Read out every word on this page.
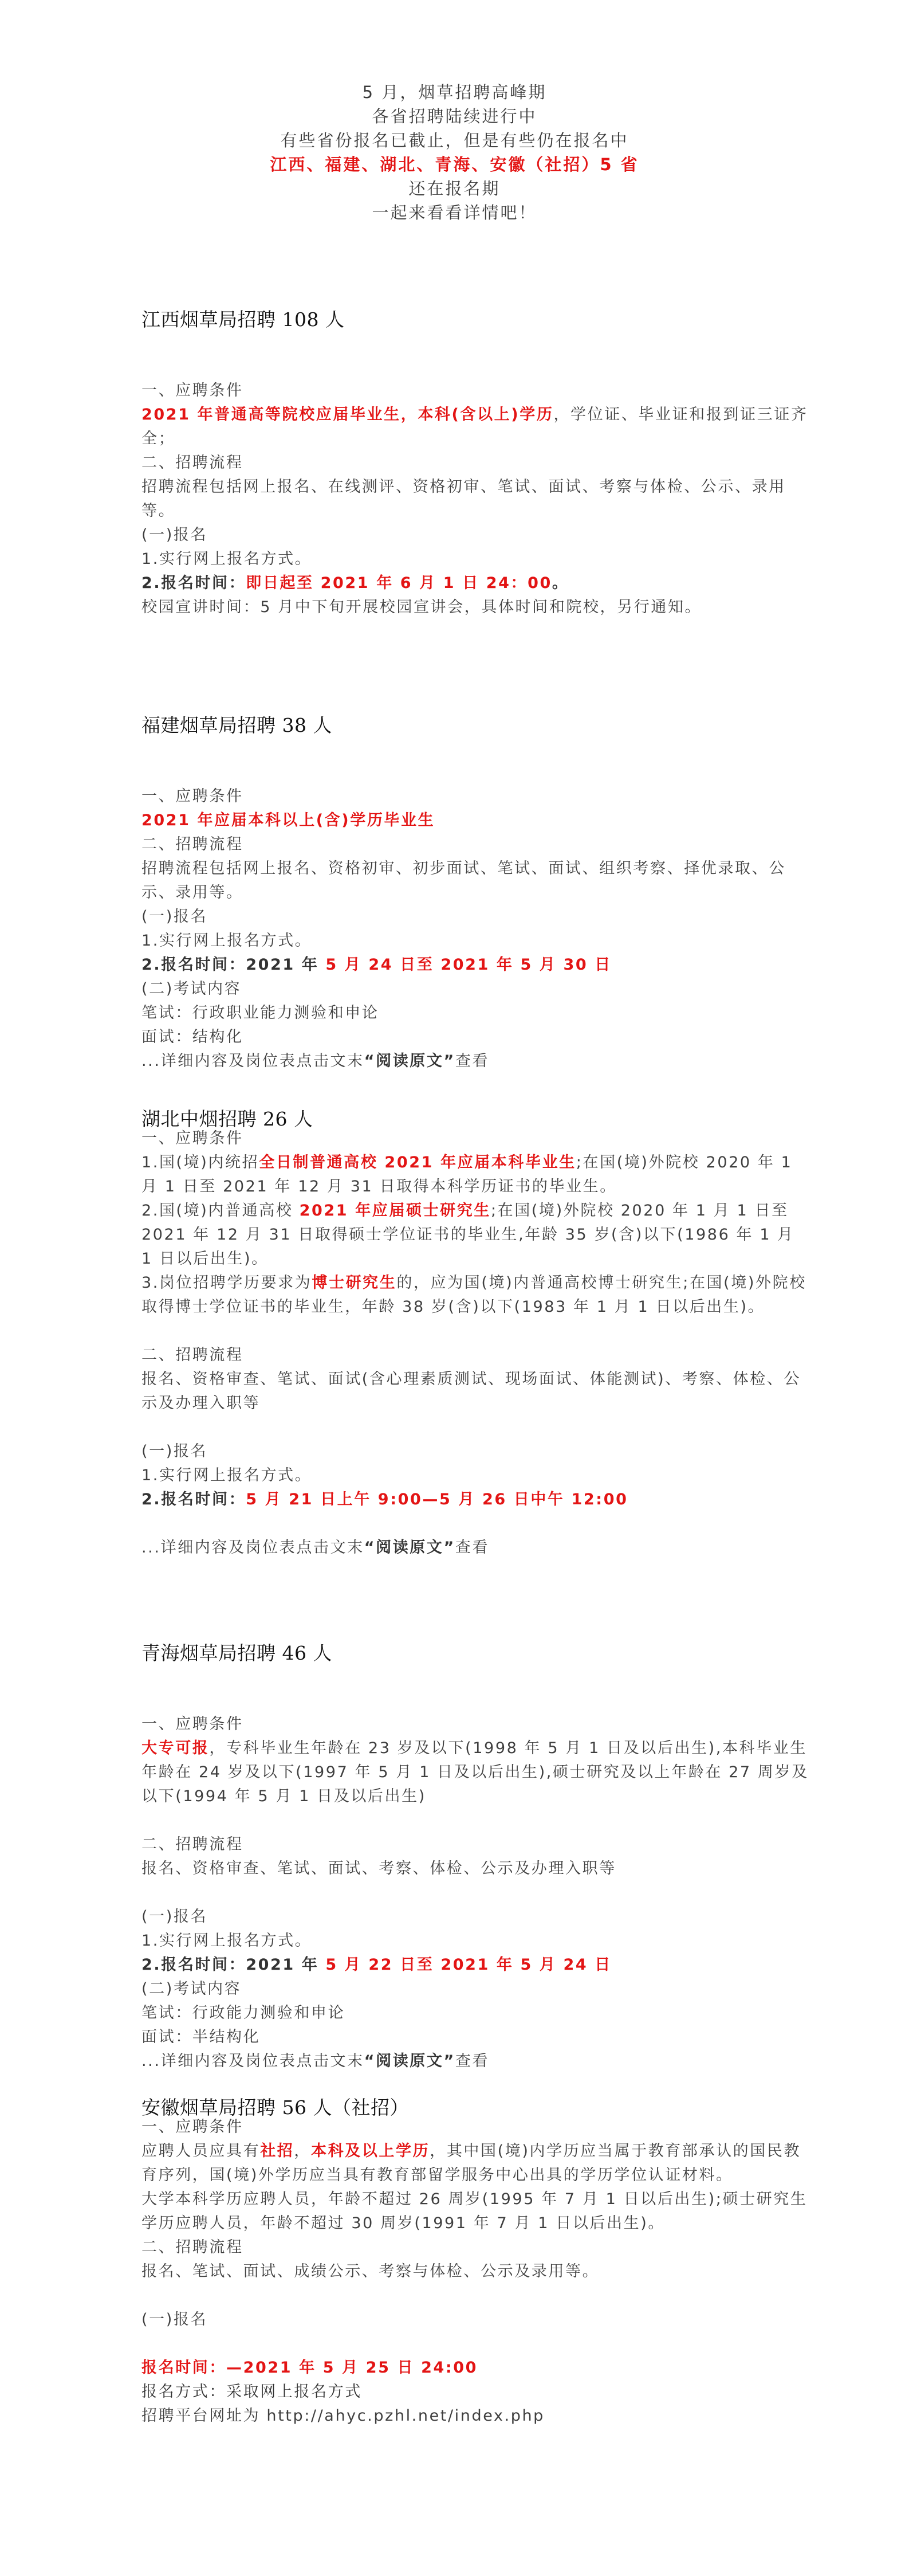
5 月，烟草招聘高峰期
各省招聘陆续进行中
有些省份报名已截止，但是有些仍在报名中
江西、福建、湖北、青海、安徽（社招）5 省
还在报名期
一起来看看详情吧！
江西烟草局招聘 108 人

一、应聘条件

2021 年普通高等院校应届毕业生，本科(含以上)学历，学位证、毕业证和报到证三证齐全；

二、招聘流程

招聘流程包括网上报名、在线测评、资格初审、笔试、面试、考察与体检、公示、录用等。

(一)报名

1.实行网上报名方式。

2.报名时间：即日起至 2021 年 6 月 1 日 24：00。

校园宣讲时间：5 月中下旬开展校园宣讲会，具体时间和院校，另行通知。

福建烟草局招聘 38 人

一、应聘条件

2021 年应届本科以上(含)学历毕业生

二、招聘流程

招聘流程包括网上报名、资格初审、初步面试、笔试、面试、组织考察、择优录取、公示、录用等。

(一)报名

1.实行网上报名方式。

2.报名时间：2021 年 5 月 24 日至 2021 年 5 月 30 日

(二)考试内容

笔试：行政职业能力测验和申论

面试：结构化

...详细内容及岗位表点击文末“阅读原文”查看

湖北中烟招聘 26 人

一、应聘条件

1.国(境)内统招全日制普通高校 2021 年应届本科毕业生;在国(境)外院校 2020 年 1 月 1 日至 2021 年 12 月 31 日取得本科学历证书的毕业生。

2.国(境)内普通高校 2021 年应届硕士研究生;在国(境)外院校 2020 年 1 月 1 日至 2021 年 12 月 31 日取得硕士学位证书的毕业生,年龄 35 岁(含)以下(1986 年 1 月 1 日以后出生)。

3.岗位招聘学历要求为博士研究生的，应为国(境)内普通高校博士研究生;在国(境)外院校取得博士学位证书的毕业生，年龄 38 岁(含)以下(1983 年 1 月 1 日以后出生)。

二、招聘流程

报名、资格审查、笔试、面试(含心理素质测试、现场面试、体能测试)、考察、体检、公示及办理入职等

(一)报名

1.实行网上报名方式。

2.报名时间：5 月 21 日上午 9:00—5 月 26 日中午 12:00

...详细内容及岗位表点击文末“阅读原文”查看

青海烟草局招聘 46 人

一、应聘条件

大专可报，专科毕业生年龄在 23 岁及以下(1998 年 5 月 1 日及以后出生),本科毕业生年龄在 24 岁及以下(1997 年 5 月 1 日及以后出生),硕士研究及以上年龄在 27 周岁及以下(1994 年 5 月 1 日及以后出生)

二、招聘流程

报名、资格审查、笔试、面试、考察、体检、公示及办理入职等

(一)报名

1.实行网上报名方式。

2.报名时间：2021 年 5 月 22 日至 2021 年 5 月 24 日

(二)考试内容

笔试：行政能力测验和申论

面试：半结构化

...详细内容及岗位表点击文末“阅读原文”查看

安徽烟草局招聘 56 人（社招）

一、应聘条件

应聘人员应具有社招，本科及以上学历，其中国(境)内学历应当属于教育部承认的国民教育序列，国(境)外学历应当具有教育部留学服务中心出具的学历学位认证材料。

大学本科学历应聘人员，年龄不超过 26 周岁(1995 年 7 月 1 日以后出生);硕士研究生学历应聘人员，年龄不超过 30 周岁(1991 年 7 月 1 日以后出生)。

二、招聘流程

报名、笔试、面试、成绩公示、考察与体检、公示及录用等。

(一)报名

报名时间：—2021 年 5 月 25 日 24:00

报名方式：采取网上报名方式

招聘平台网址为 http://ahyc.pzhl.net/index.php
